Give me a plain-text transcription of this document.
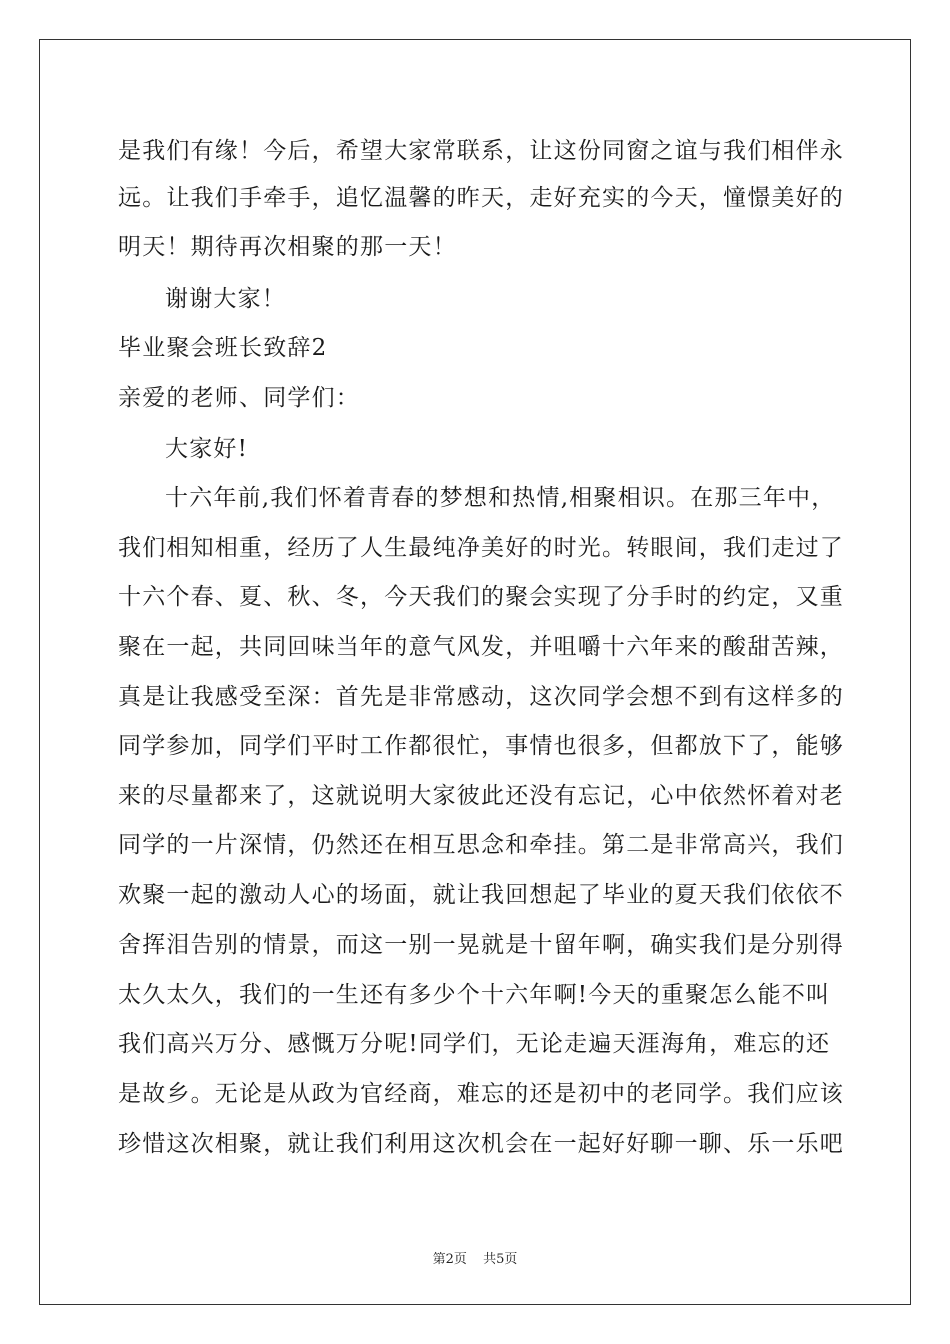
是我们有缘！今后，希望大家常联系，让这份同窗之谊与我们相伴永
远。让我们手牵手，追忆温馨的昨天，走好充实的今天，憧憬美好的
明天！期待再次相聚的那一天！
谢谢大家！
毕业聚会班长致辞2
亲爱的老师、同学们：
大家好!
十六年前,我们怀着青春的梦想和热情,相聚相识。在那三年中，
我们相知相重，经历了人生最纯净美好的时光。转眼间，我们走过了
十六个春、夏、秋、冬，今天我们的聚会实现了分手时的约定，又重
聚在一起，共同回味当年的意气风发，并咀嚼十六年来的酸甜苦辣，
真是让我感受至深：首先是非常感动，这次同学会想不到有这样多的
同学参加，同学们平时工作都很忙，事情也很多，但都放下了，能够
来的尽量都来了，这就说明大家彼此还没有忘记，心中依然怀着对老
同学的一片深情，仍然还在相互思念和牵挂。第二是非常高兴，我们
欢聚一起的激动人心的场面，就让我回想起了毕业的夏天我们依依不
舍挥泪告别的情景，而这一别一晃就是十留年啊，确实我们是分别得
太久太久，我们的一生还有多少个十六年啊!今天的重聚怎么能不叫
我们高兴万分、感慨万分呢!同学们，无论走遍天涯海角，难忘的还
是故乡。无论是从政为官经商，难忘的还是初中的老同学。我们应该
珍惜这次相聚，就让我们利用这次机会在一起好好聊一聊、乐一乐吧
第2页 共5页
